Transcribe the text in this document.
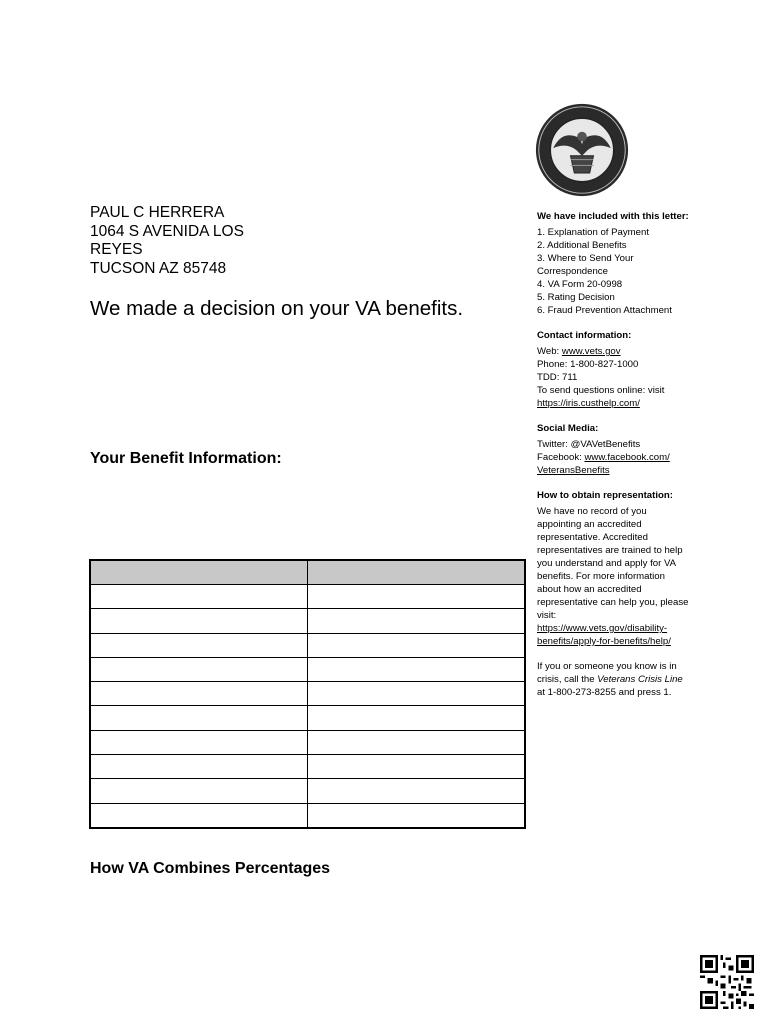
PAUL C HERRERA
1064 S AVENIDA LOS
REYES
TUCSON AZ 85748
We made a decision on your VA benefits.
Your Benefit Information:

How VA Combines Percentages
We have included with this letter:
1. Explanation of Payment
2. Additional Benefits
3. Where to Send Your
Correspondence
4. VA Form 20-0998
5. Rating Decision
6. Fraud Prevention Attachment
Contact information:
Web: www.vets.gov
Phone: 1-800-827-1000
TDD: 711
To send questions online: visit
https://iris.custhelp.com/
Social Media:
Twitter: @VAVetBenefits
Facebook: www.facebook.com/
VeteransBenefits
How to obtain representation:
We have no record of you
appointing an accredited
representative. Accredited
representatives are trained to help
you understand and apply for VA
benefits. For more information
about how an accredited
representative can help you, please
visit:
https://www.vets.gov/disability-
benefits/apply-for-benefits/help/
If you or someone you know is in
crisis, call the Veterans Crisis Line
at 1-800-273-8255 and press 1.
